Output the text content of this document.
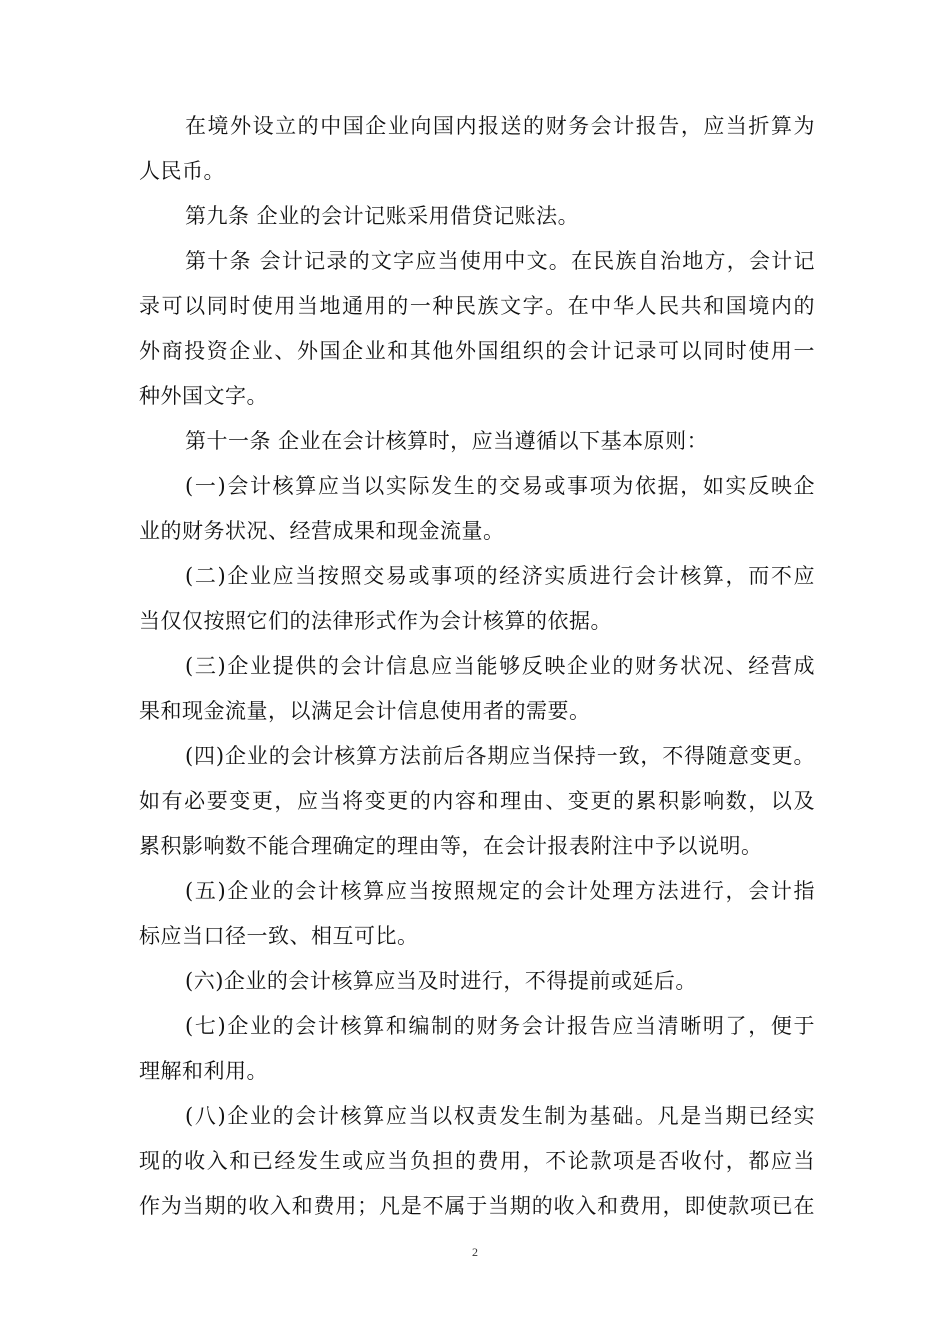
在境外设立的中国企业向国内报送的财务会计报告，应当折算为
人民币。
第九条 企业的会计记账采用借贷记账法。
第十条 会计记录的文字应当使用中文。在民族自治地方，会计记
录可以同时使用当地通用的一种民族文字。在中华人民共和国境内的
外商投资企业、外国企业和其他外国组织的会计记录可以同时使用一
种外国文字。
第十一条 企业在会计核算时，应当遵循以下基本原则：
(一)会计核算应当以实际发生的交易或事项为依据，如实反映企
业的财务状况、经营成果和现金流量。
(二)企业应当按照交易或事项的经济实质进行会计核算，而不应
当仅仅按照它们的法律形式作为会计核算的依据。
(三)企业提供的会计信息应当能够反映企业的财务状况、经营成
果和现金流量，以满足会计信息使用者的需要。
(四)企业的会计核算方法前后各期应当保持一致，不得随意变更。
如有必要变更，应当将变更的内容和理由、变更的累积影响数，以及
累积影响数不能合理确定的理由等，在会计报表附注中予以说明。
(五)企业的会计核算应当按照规定的会计处理方法进行，会计指
标应当口径一致、相互可比。
(六)企业的会计核算应当及时进行，不得提前或延后。
(七)企业的会计核算和编制的财务会计报告应当清晰明了，便于
理解和利用。
(八)企业的会计核算应当以权责发生制为基础。凡是当期已经实
现的收入和已经发生或应当负担的费用，不论款项是否收付，都应当
作为当期的收入和费用；凡是不属于当期的收入和费用，即使款项已在
2
